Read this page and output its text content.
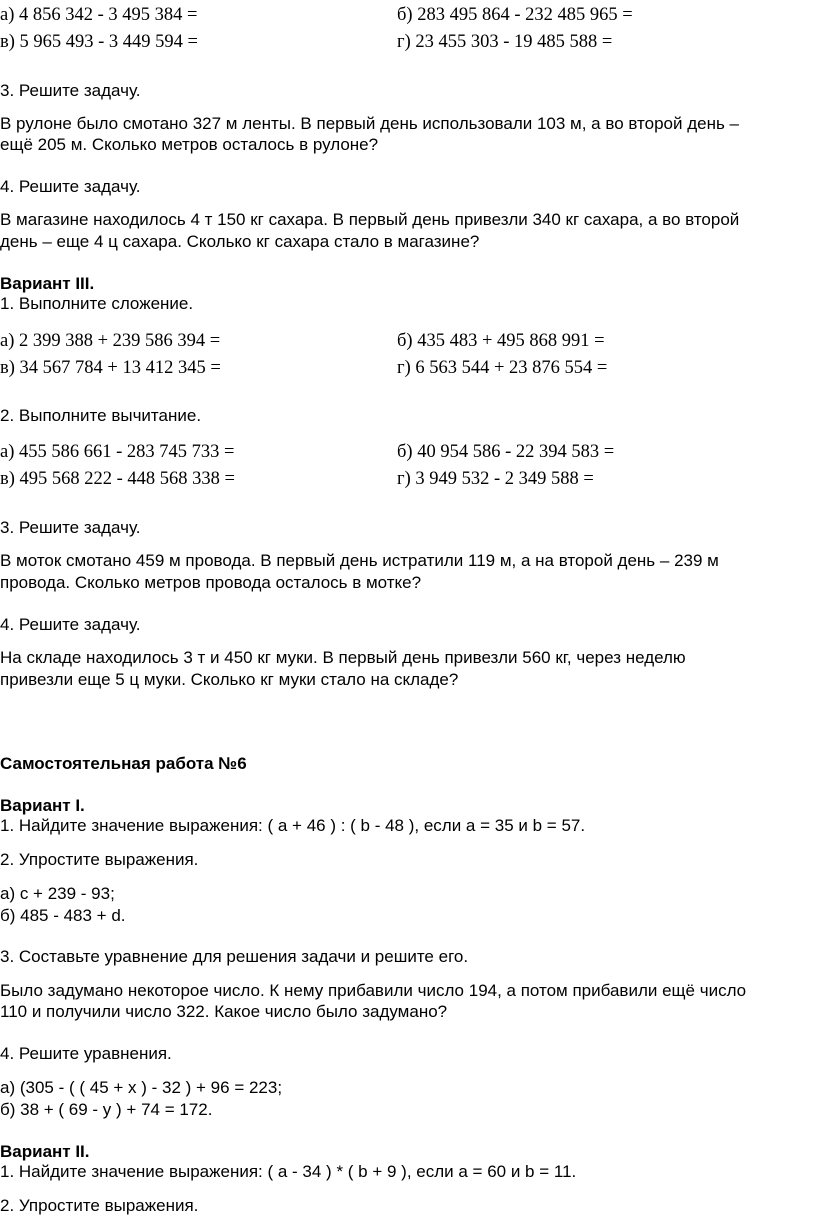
а) 4 856 342 - 3 495 384 =	б) 283 495 864 - 232 485 965 =
в) 5 965 493 - 3 449 594 =	г) 23 455 303 - 19 485 588 =
3. Решите задачу.
В рулоне было смотано 327 м ленты. В первый день использовали 103 м, а во второй день –
ещё 205 м. Сколько метров осталось в рулоне?
4. Решите задачу.
В магазине находилось 4 т 150 кг сахара. В первый день привезли 340 кг сахара, а во второй
день – еще 4 ц сахара. Сколько кг сахара стало в магазине?
Вариант III.
1. Выполните сложение.
а) 2 399 388 + 239 586 394 =	б) 435 483 + 495 868 991 =
в) 34 567 784 + 13 412 345 =	г) 6 563 544 + 23 876 554 =
2. Выполните вычитание.
а) 455 586 661 - 283 745 733 =	б) 40 954 586 - 22 394 583 =
в) 495 568 222 - 448 568 338 =	г) 3 949 532 - 2 349 588 =
3. Решите задачу.
В моток смотано 459 м провода. В первый день истратили 119 м, а на второй день – 239 м
провода. Сколько метров провода осталось в мотке?
4. Решите задачу.
На складе находилось 3 т и 450 кг муки. В первый день привезли 560 кг, через неделю
привезли еще 5 ц муки. Сколько кг муки стало на складе?
Самостоятельная работа №6
Вариант I.
1. Найдите значение выражения: ( a + 46 ) : ( b - 48 ), если a = 35 и b = 57.
2. Упростите выражения.
а) с + 239 - 93;
б) 485 - 483 + d.
3. Составьте уравнение для решения задачи и решите его.
Было задумано некоторое число. К нему прибавили число 194, а потом прибавили ещё число
110 и получили число 322. Какое число было задумано?
4. Решите уравнения.
а) (305 - ( ( 45 + x ) - 32 ) + 96 = 223;
б) 38 + ( 69 - y ) + 74 = 172.
Вариант II.
1. Найдите значение выражения: ( a - 34 ) * ( b + 9 ), если a = 60 и b = 11.
2. Упростите выражения.
